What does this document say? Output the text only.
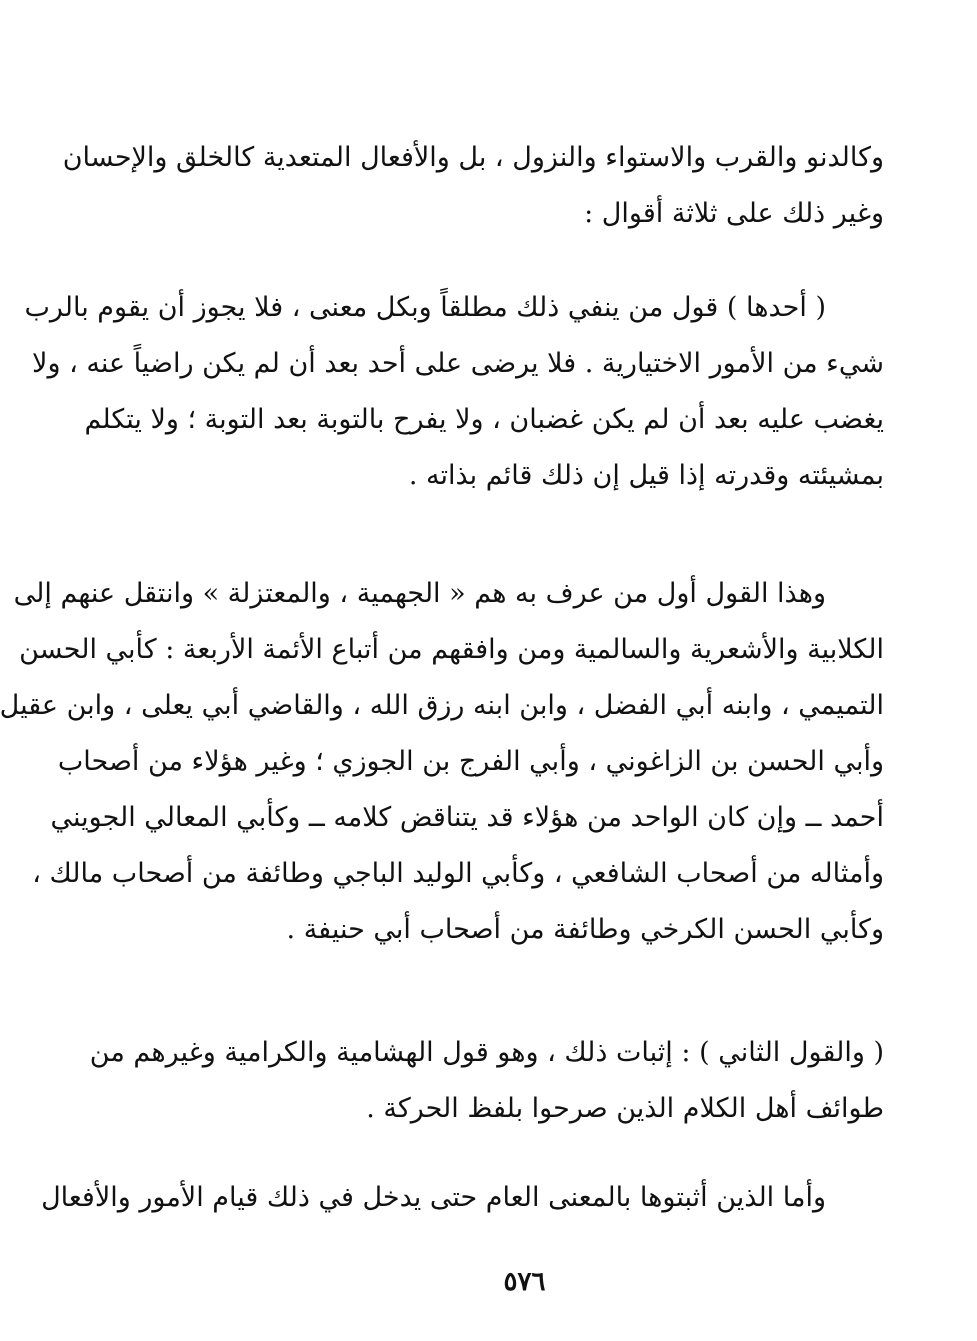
وكالدنو والقرب والاستواء والنزول ، بل والأفعال المتعدية كالخلق والإحسان
وغير ذلك على ثلاثة أقوال :
( أحدها ) قول من ينفي ذلك مطلقاً وبكل معنى ، فلا يجوز أن يقوم بالرب
شيء من الأمور الاختيارية . فلا يرضى على أحد بعد أن لم يكن راضياً عنه ، ولا
يغضب عليه بعد أن لم يكن غضبان ، ولا يفرح بالتوبة بعد التوبة ؛ ولا يتكلم
بمشيئته وقدرته إذا قيل إن ذلك قائم بذاته .
وهذا القول أول من عرف به هم « الجهمية ، والمعتزلة » وانتقل عنهم إلى
الكلابية والأشعرية والسالمية ومن وافقهم من أتباع الأئمة الأربعة : كأبي الحسن
التميمي ، وابنه أبي الفضل ، وابن ابنه رزق الله ، والقاضي أبي يعلى ، وابن عقيل
وأبي الحسن بن الزاغوني ، وأبي الفرج بن الجوزي ؛ وغير هؤلاء من أصحاب
أحمد ــ وإن كان الواحد من هؤلاء قد يتناقض كلامه ــ وكأبي المعالي الجويني
وأمثاله من أصحاب الشافعي ، وكأبي الوليد الباجي وطائفة من أصحاب مالك ،
وكأبي الحسن الكرخي وطائفة من أصحاب أبي حنيفة .
( والقول الثاني ) : إثبات ذلك ، وهو قول الهشامية والكرامية وغيرهم من
طوائف أهل الكلام الذين صرحوا بلفظ الحركة .
وأما الذين أثبتوها بالمعنى العام حتى يدخل في ذلك قيام الأمور والأفعال
٥٧٦
